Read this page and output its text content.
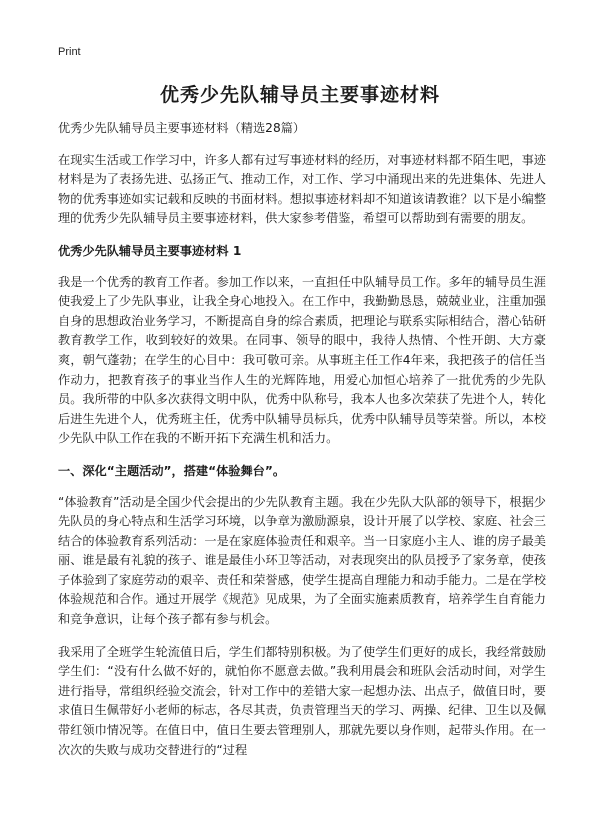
Print
优秀少先队辅导员主要事迹材料

优秀少先队辅导员主要事迹材料（精选28篇）

在现实生活或工作学习中，许多人都有过写事迹材料的经历，对事迹材料都不陌生吧，事迹材料是为了表扬先进、弘扬正气、推动工作，对工作、学习中涌现出来的先进集体、先进人物的优秀事迹如实记载和反映的书面材料。想拟事迹材料却不知道该请教谁？以下是小编整理的优秀少先队辅导员主要事迹材料，供大家参考借鉴，希望可以帮助到有需要的朋友。

优秀少先队辅导员主要事迹材料 1

我是一个优秀的教育工作者。参加工作以来，一直担任中队辅导员工作。多年的辅导员生涯使我爱上了少先队事业，让我全身心地投入。在工作中，我勤勤恳恳，兢兢业业，注重加强自身的思想政治业务学习，不断提高自身的综合素质，把理论与联系实际相结合，潜心钻研教育教学工作，收到较好的效果。在同事、领导的眼中，我待人热情、个性开朗、大方豪爽，朝气蓬勃；在学生的心目中：我可敬可亲。从事班主任工作4年来，我把孩子的信任当作动力，把教育孩子的事业当作人生的光辉阵地，用爱心加恒心培养了一批优秀的少先队员。我所带的中队多次获得文明中队，优秀中队称号，我本人也多次荣获了先进个人，转化后进生先进个人，优秀班主任，优秀中队辅导员标兵，优秀中队辅导员等荣誉。所以，本校少先队中队工作在我的不断开拓下充满生机和活力。

一、深化“主题活动”，搭建“体验舞台”。

“体验教育”活动是全国少代会提出的少先队教育主题。我在少先队大队部的领导下，根据少先队员的身心特点和生活学习环境，以争章为激励源泉，设计开展了以学校、家庭、社会三结合的体验教育系列活动：一是在家庭体验责任和艰辛。当一日家庭小主人、谁的房子最美丽、谁是最有礼貌的孩子、谁是最佳小环卫等活动，对表现突出的队员授予了家务章，使孩子体验到了家庭劳动的艰辛、责任和荣誉感，使学生提高自理能力和动手能力。二是在学校体验规范和合作。通过开展学《规范》见成果，为了全面实施素质教育，培养学生自育能力和竞争意识，让每个孩子都有参与机会。

我采用了全班学生轮流值日后，学生们都特别积极。为了使学生们更好的成长，我经常鼓励学生们：“没有什么做不好的，就怕你不愿意去做。”我利用晨会和班队会活动时间，对学生进行指导，常组织经验交流会，针对工作中的差错大家一起想办法、出点子，做值日时，要求值日生佩带好小老师的标志，各尽其责，负责管理当天的学习、两操、纪律、卫生以及佩带红领巾情况等。在值日中，值日生要去管理别人，那就先要以身作则，起带头作用。在一次次的失败与成功交替进行的“过程
